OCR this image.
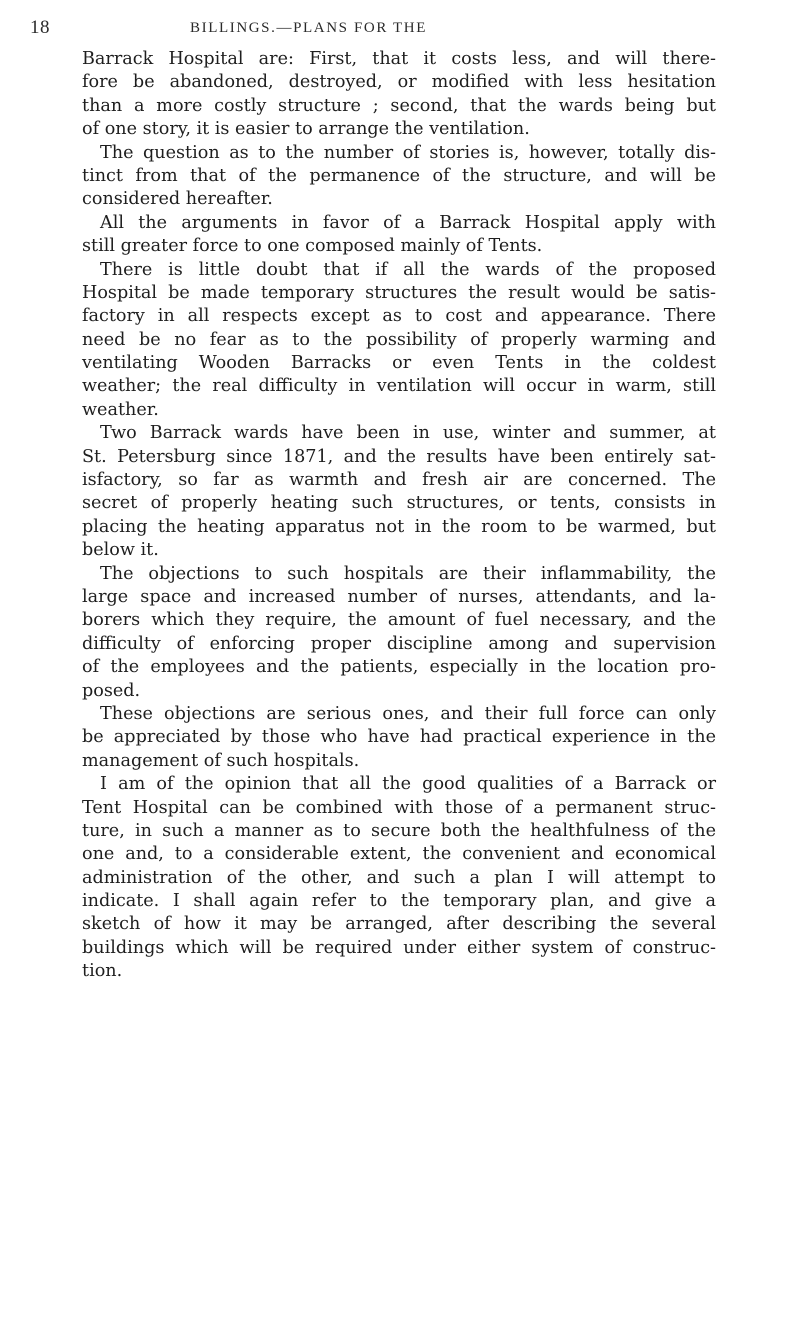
18	BILLINGS.—PLANS FOR THE
Barrack Hospital are: First, that it costs less, and will there-
fore be abandoned, destroyed, or modified with less hesitation
than a more costly structure ; second, that the wards being but
of one story, it is easier to arrange the ventilation.
The question as to the number of stories is, however, totally dis-
tinct from that of the permanence of the structure, and will be
considered hereafter.
All the arguments in favor of a Barrack Hospital apply with
still greater force to one composed mainly of Tents.
There is little doubt that if all the wards of the proposed
Hospital be made temporary structures the result would be satis-
factory in all respects except as to cost and appearance. There
need be no fear as to the possibility of properly warming and
ventilating Wooden Barracks or even Tents in the coldest
weather; the real difficulty in ventilation will occur in warm, still
weather.
Two Barrack wards have been in use, winter and summer, at
St. Petersburg since 1871, and the results have been entirely sat-
isfactory, so far as warmth and fresh air are concerned. The
secret of properly heating such structures, or tents, consists in
placing the heating apparatus not in the room to be warmed, but
below it.
The objections to such hospitals are their inflammability, the
large space and increased number of nurses, attendants, and la-
borers which they require, the amount of fuel necessary, and the
difficulty of enforcing proper discipline among and supervision
of the employees and the patients, especially in the location pro-
posed.
These objections are serious ones, and their full force can only
be appreciated by those who have had practical experience in the
management of such hospitals.
I am of the opinion that all the good qualities of a Barrack or
Tent Hospital can be combined with those of a permanent struc-
ture, in such a manner as to secure both the healthfulness of the
one and, to a considerable extent, the convenient and economical
administration of the other, and such a plan I will attempt to
indicate. I shall again refer to the temporary plan, and give a
sketch of how it may be arranged, after describing the several
buildings which will be required under either system of construc-
tion.
